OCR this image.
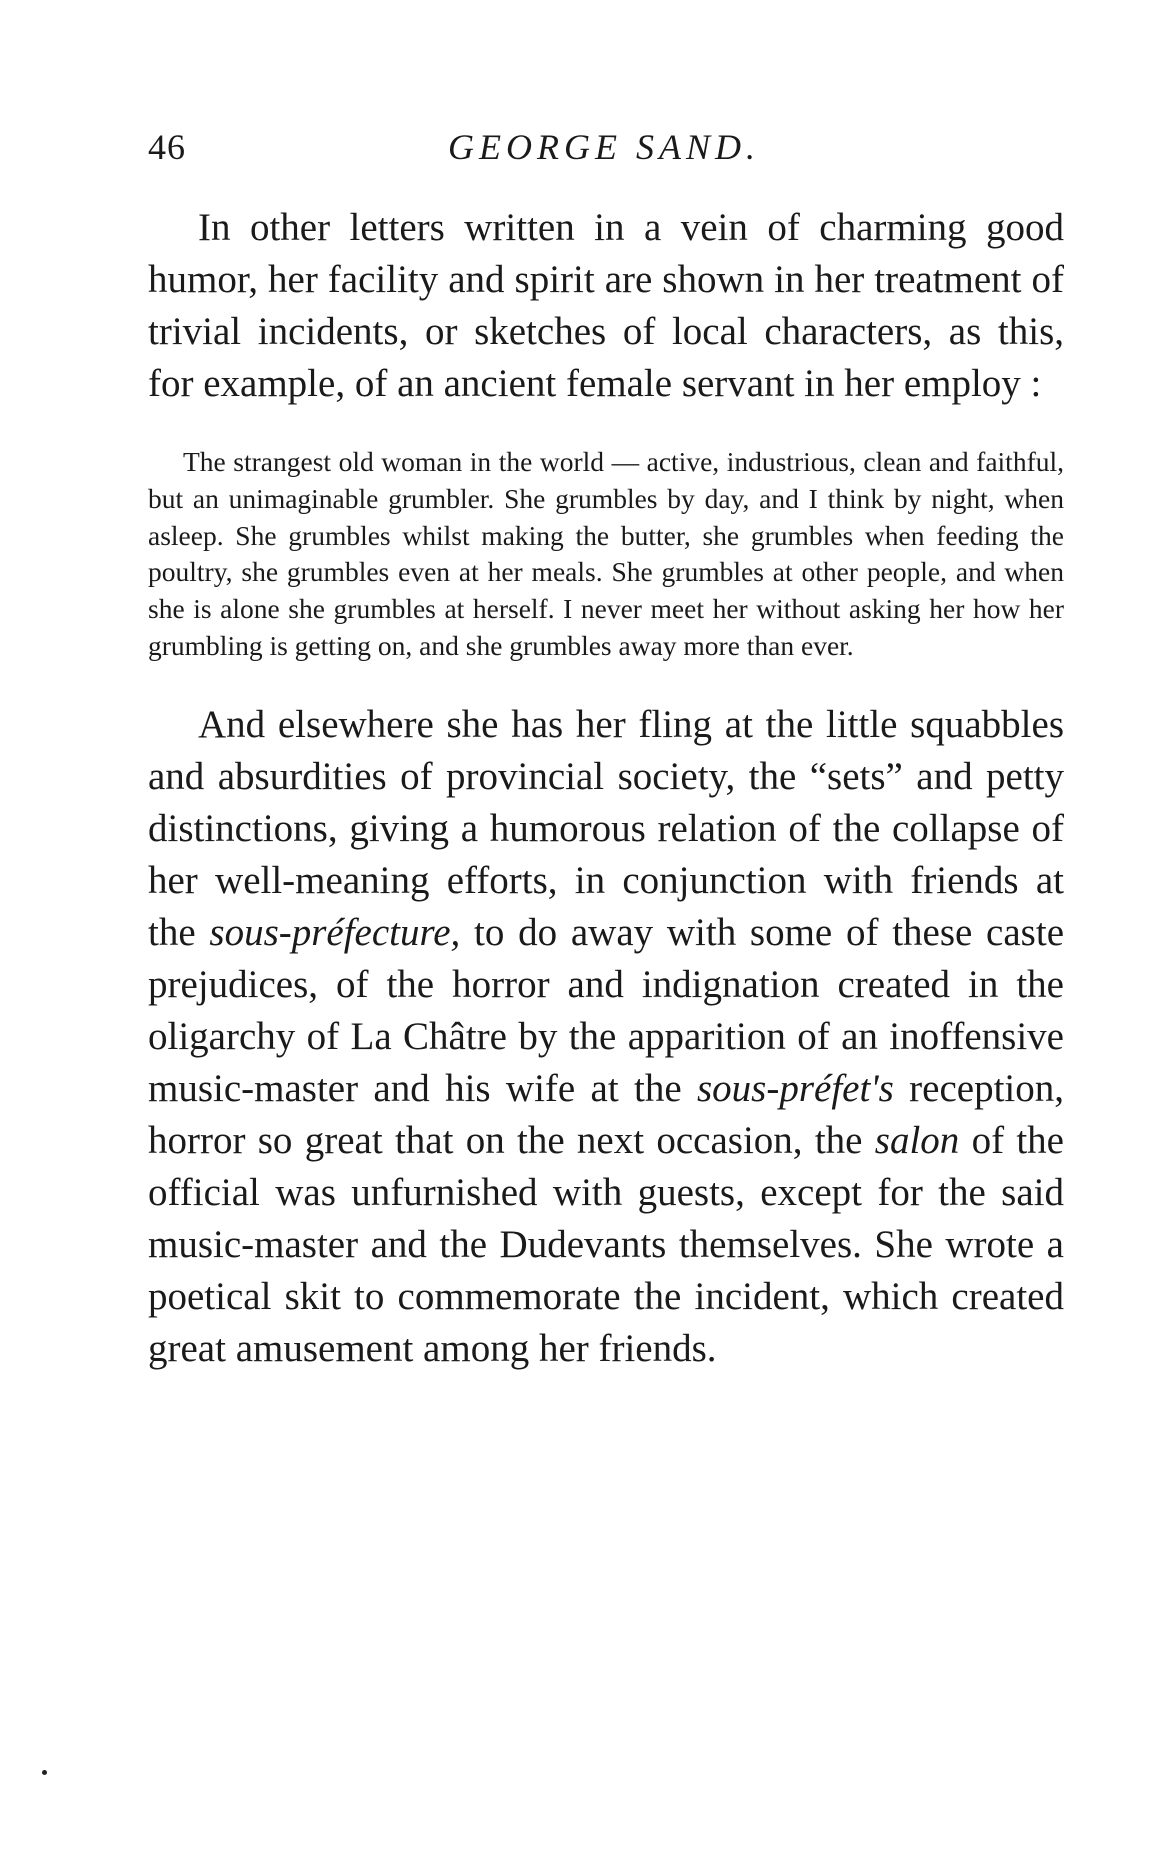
46	GEORGE SAND.

In other letters written in a vein of charming good humor, her facility and spirit are shown in her treatment of trivial incidents, or sketches of local characters, as this, for example, of an ancient female servant in her employ :

The strangest old woman in the world — active, industrious, clean and faithful, but an unimaginable grumbler. She grumbles by day, and I think by night, when asleep. She grumbles whilst making the butter, she grumbles when feeding the poultry, she grumbles even at her meals. She grumbles at other people, and when she is alone she grumbles at herself. I never meet her without asking her how her grumbling is getting on, and she grumbles away more than ever.

And elsewhere she has her fling at the little squabbles and absurdities of provincial society, the “sets” and petty distinctions, giving a humorous relation of the collapse of her well-meaning efforts, in conjunction with friends at the sous-préfecture, to do away with some of these caste prejudices, of the horror and indignation created in the oligarchy of La Châtre by the apparition of an inoffensive music-master and his wife at the sous-préfet's reception, horror so great that on the next occasion, the salon of the official was unfurnished with guests, except for the said music-master and the Dudevants themselves. She wrote a poetical skit to commemorate the incident, which created great amusement among her friends.
